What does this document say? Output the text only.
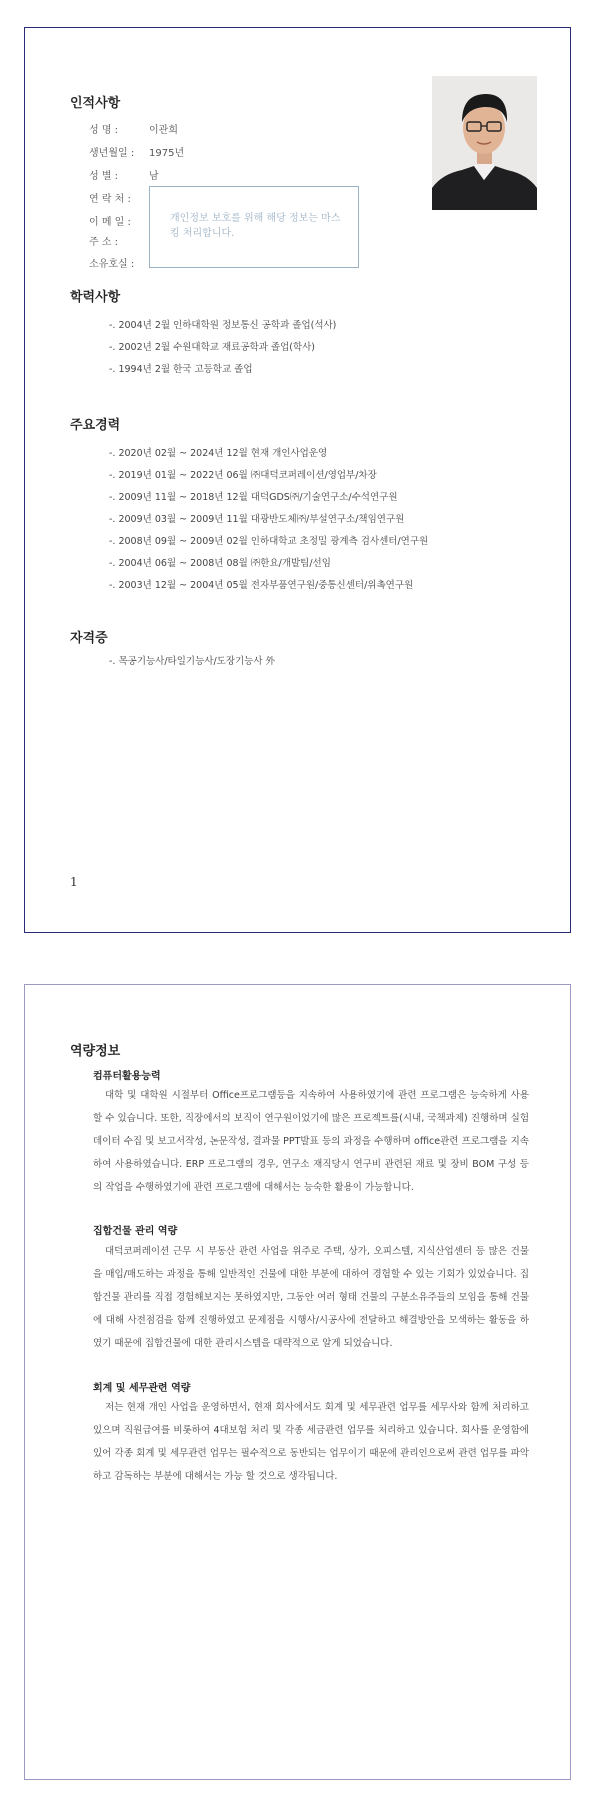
인적사항
성 명 :	이관희
생년월일 : 1975년
성 별 :	남
연 락 처 :
이 메 일 :
주 소 :
소유호실 :
개인정보 보호를 위해 해당 정보는 마스킹 처리합니다.
학력사항
-. 2004년 2월 인하대학원 정보통신 공학과 졸업(석사)
-. 2002년 2월 수원대학교 재료공학과 졸업(학사)
-. 1994년 2월 한국 고등학교 졸업
주요경력
-. 2020년 02월 ~ 2024년 12월 현재 개인사업운영
-. 2019년 01월 ~ 2022년 06월 ㈜대덕코퍼레이션/영업부/차장
-. 2009년 11월 ~ 2018년 12월 대덕GDS㈜/기술연구소/수석연구원
-. 2009년 03월 ~ 2009년 11월 대광반도체㈜/부설연구소/책임연구원
-. 2008년 09월 ~ 2009년 02월 인하대학교 초정밀 광계측 검사센터/연구원
-. 2004년 06월 ~ 2008년 08월 ㈜한요/개발팀/선임
-. 2003년 12월 ~ 2004년 05월 전자부품연구원/중통신센터/위촉연구원
자격증
-. 목공기능사/타일기능사/도장기능사 外
1
역량정보
컴퓨터활용능력

대학 및 대학원 시절부터 Office프로그램등을 지속하여 사용하였기에 관련 프로그램은 능숙하게 사용할 수 있습니다. 또한, 직장에서의 보직이 연구원이었기에 많은 프로젝트를(시내, 국책과제) 진행하며 실험데이터 수집 및 보고서작성, 논문작성, 결과물 PPT발표 등의 과정을 수행하며 office관련 프로그램을 지속하여 사용하였습니다. ERP 프로그램의 경우, 연구소 재직당시 연구비 관련된 재료 및 장비 BOM 구성 등의 작업을 수행하였기에 관련 프로그램에 대해서는 능숙한 활용이 가능합니다.

집합건물 관리 역량

대덕코퍼레이션 근무 시 부동산 관련 사업을 위주로 주택, 상가, 오피스텔, 지식산업센터 등 많은 건물을 매입/매도하는 과정을 통해 일반적인 건물에 대한 부분에 대하여 경험할 수 있는 기회가 있었습니다. 집합건물 관리를 직접 경험해보지는 못하였지만, 그동안 여러 형태 건물의 구분소유주들의 모임을 통해 건물에 대해 사전점검을 함께 진행하였고 문제점을 시행사/시공사에 전달하고 해결방안을 모색하는 활동을 하였기 때문에 집합건물에 대한 관리시스템을 대략적으로 알게 되었습니다.

회계 및 세무관련 역량

저는 현재 개인 사업을 운영하면서, 현재 회사에서도 회계 및 세무관련 업무를 세무사와 함께 처리하고 있으며 직원급여를 비롯하여 4대보험 처리 및 각종 세금관련 업무를 처리하고 있습니다. 회사를 운영함에 있어 각종 회계 및 세무관련 업무는 필수적으로 동반되는 업무이기 때문에 관리인으로써 관련 업무를 파악하고 감독하는 부분에 대해서는 가능 할 것으로 생각됩니다.
